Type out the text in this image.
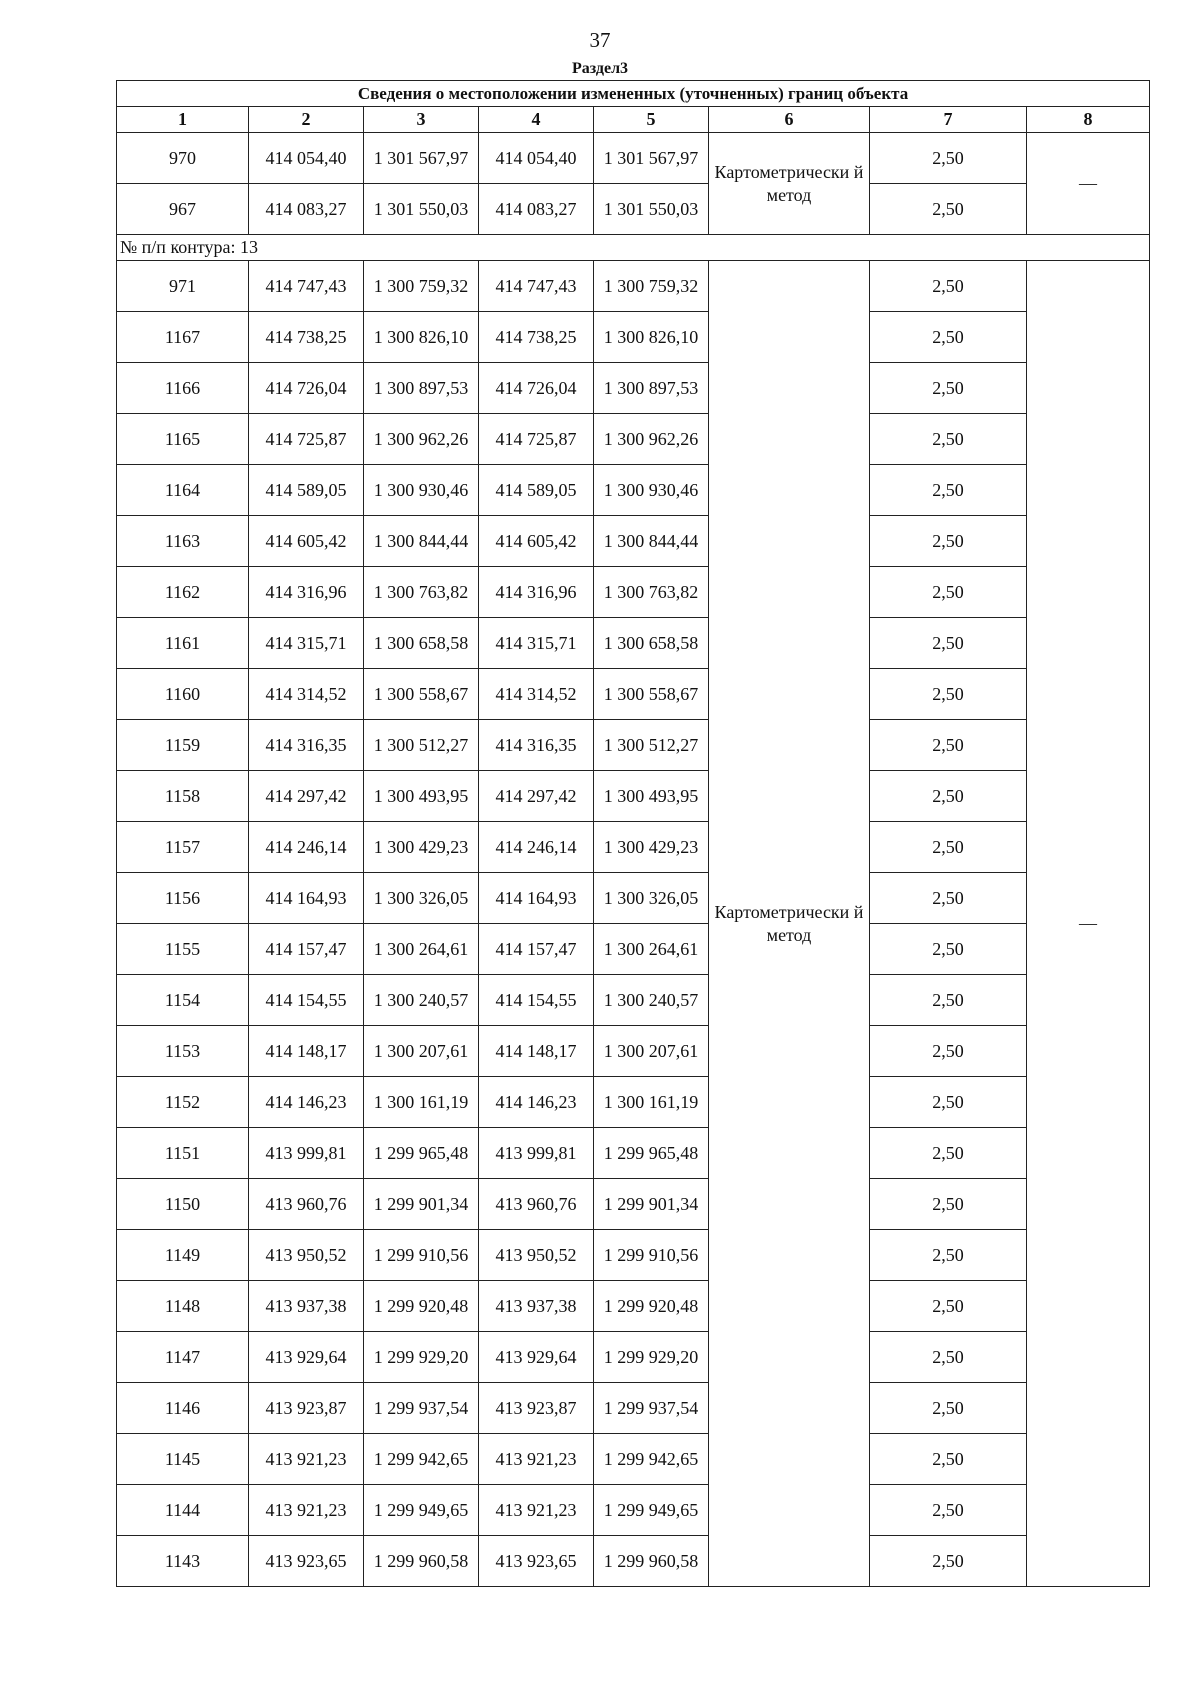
37
Раздел3
Сведения о местоположении измененных (уточненных) границ объекта							
1	2	3	4	5	6	7	8
970	414 054,40	1 301 567,97	414 054,40	1 301 567,97	Картометрически й метод	2,50	—
967	414 083,27	1 301 550,03	414 083,27	1 301 550,03		2,50	
№ п/п контура: 13							
971	414 747,43	1 300 759,32	414 747,43	1 300 759,32	Картометрически й метод	2,50	—
1167	414 738,25	1 300 826,10	414 738,25	1 300 826,10		2,50	
1166	414 726,04	1 300 897,53	414 726,04	1 300 897,53		2,50	
1165	414 725,87	1 300 962,26	414 725,87	1 300 962,26		2,50	
1164	414 589,05	1 300 930,46	414 589,05	1 300 930,46		2,50	
1163	414 605,42	1 300 844,44	414 605,42	1 300 844,44		2,50	
1162	414 316,96	1 300 763,82	414 316,96	1 300 763,82		2,50	
1161	414 315,71	1 300 658,58	414 315,71	1 300 658,58		2,50	
1160	414 314,52	1 300 558,67	414 314,52	1 300 558,67		2,50	
1159	414 316,35	1 300 512,27	414 316,35	1 300 512,27		2,50	
1158	414 297,42	1 300 493,95	414 297,42	1 300 493,95		2,50	
1157	414 246,14	1 300 429,23	414 246,14	1 300 429,23		2,50	
1156	414 164,93	1 300 326,05	414 164,93	1 300 326,05		2,50	
1155	414 157,47	1 300 264,61	414 157,47	1 300 264,61		2,50	
1154	414 154,55	1 300 240,57	414 154,55	1 300 240,57		2,50	
1153	414 148,17	1 300 207,61	414 148,17	1 300 207,61		2,50	
1152	414 146,23	1 300 161,19	414 146,23	1 300 161,19		2,50	
1151	413 999,81	1 299 965,48	413 999,81	1 299 965,48		2,50	
1150	413 960,76	1 299 901,34	413 960,76	1 299 901,34		2,50	
1149	413 950,52	1 299 910,56	413 950,52	1 299 910,56		2,50	
1148	413 937,38	1 299 920,48	413 937,38	1 299 920,48		2,50	
1147	413 929,64	1 299 929,20	413 929,64	1 299 929,20		2,50	
1146	413 923,87	1 299 937,54	413 923,87	1 299 937,54		2,50	
1145	413 921,23	1 299 942,65	413 921,23	1 299 942,65		2,50	
1144	413 921,23	1 299 949,65	413 921,23	1 299 949,65		2,50	
1143	413 923,65	1 299 960,58	413 923,65	1 299 960,58		2,50	
